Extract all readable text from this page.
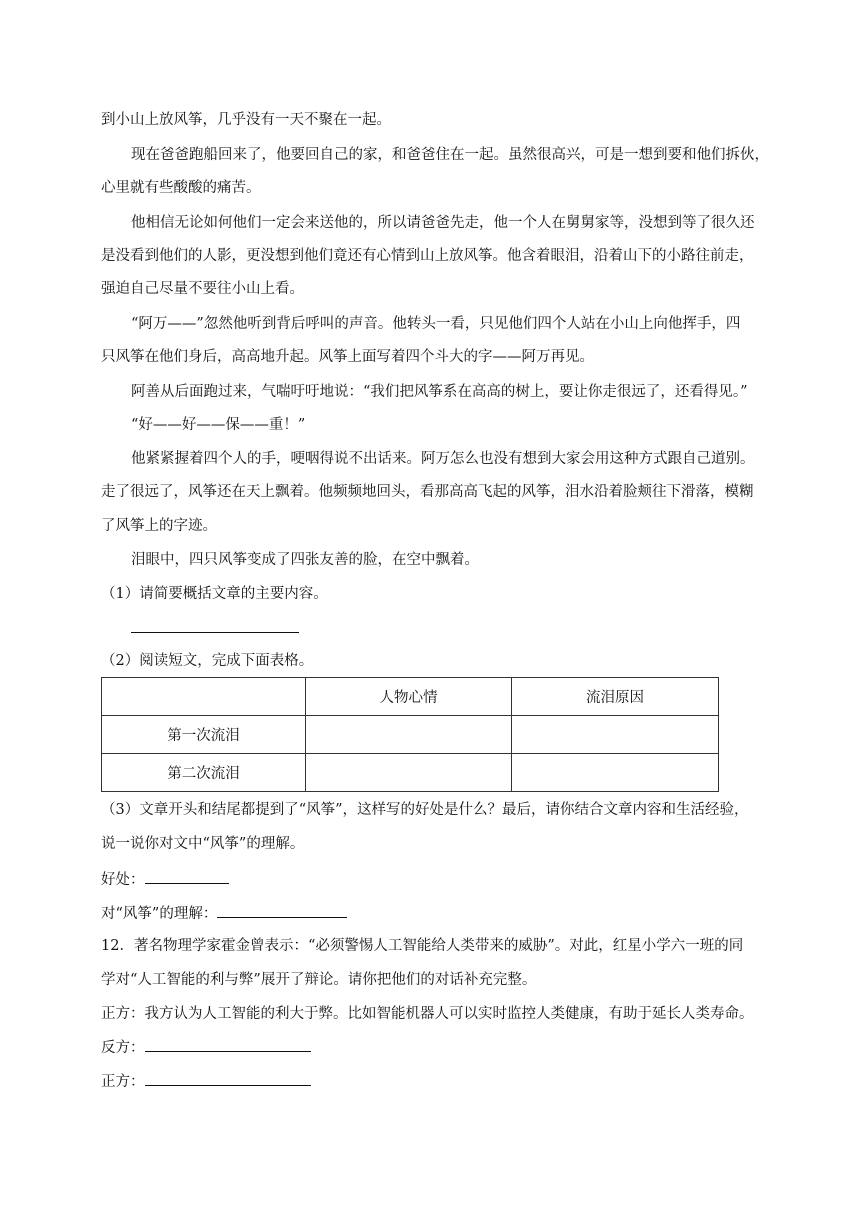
到小山上放风筝，几乎没有一天不聚在一起。
现在爸爸跑船回来了，他要回自己的家，和爸爸住在一起。虽然很高兴，可是一想到要和他们拆伙，
心里就有些酸酸的痛苦。
他相信无论如何他们一定会来送他的，所以请爸爸先走，他一个人在舅舅家等，没想到等了很久还
是没看到他们的人影，更没想到他们竟还有心情到山上放风筝。他含着眼泪，沿着山下的小路往前走，
强迫自己尽量不要往小山上看。
“阿万——”忽然他听到背后呼叫的声音。他转头一看，只见他们四个人站在小山上向他挥手，四
只风筝在他们身后，高高地升起。风筝上面写着四个斗大的字——阿万再见。
阿善从后面跑过来，气喘吁吁地说：“我们把风筝系在高高的树上，要让你走很远了，还看得见。”
“好——好——保——重！”
他紧紧握着四个人的手，哽咽得说不出话来。阿万怎么也没有想到大家会用这种方式跟自己道别。
走了很远了，风筝还在天上飘着。他频频地回头，看那高高飞起的风筝，泪水沿着脸颊往下滑落，模糊
了风筝上的字迹。
泪眼中，四只风筝变成了四张友善的脸，在空中飘着。
（1）请简要概括文章的主要内容。
（2）阅读短文，完成下面表格。
	人物心情	流泪原因
第一次流泪		
第二次流泪		
（3）文章开头和结尾都提到了“风筝”，这样写的好处是什么？最后，请你结合文章内容和生活经验，
说一说你对文中“风筝”的理解。
好处：
对“风筝”的理解：
12．著名物理学家霍金曾表示：“必须警惕人工智能给人类带来的威胁”。对此，红星小学六一班的同
学对“人工智能的利与弊”展开了辩论。请你把他们的对话补充完整。
正方：我方认为人工智能的利大于弊。比如智能机器人可以实时监控人类健康，有助于延长人类寿命。
反方：
正方：
